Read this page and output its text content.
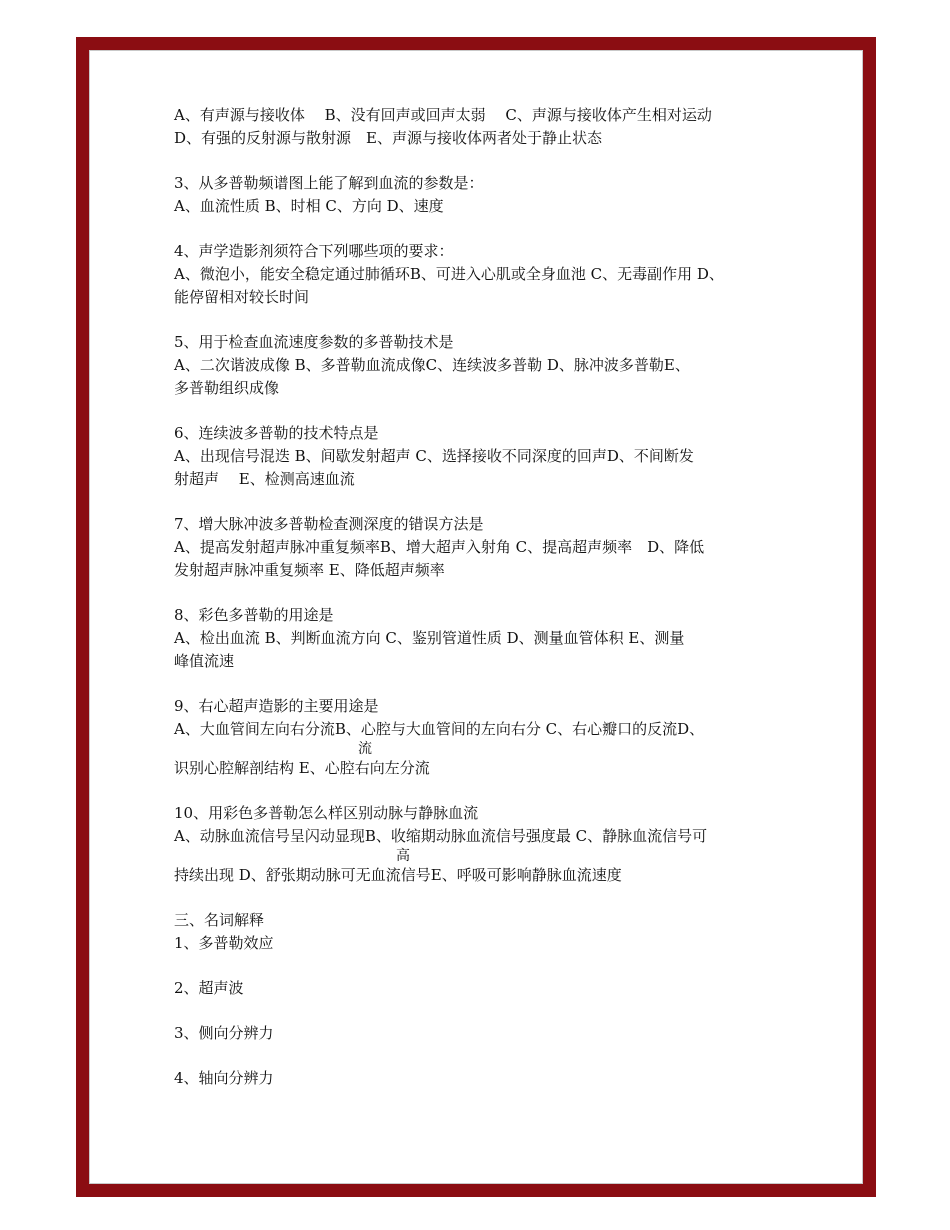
A、有声源与接收体　 B、没有回声或回声太弱　 C、声源与接收体产生相对运动
D、有强的反射源与散射源　E、声源与接收体两者处于静止状态
3、从多普勒频谱图上能了解到血流的参数是：
A、血流性质 B、时相 C、方向 D、速度
4、声学造影剂须符合下列哪些项的要求：
A、微泡小，能安全稳定通过肺循环B、可进入心肌或全身血池 C、无毒副作用 D、
能停留相对较长时间
5、用于检查血流速度参数的多普勒技术是
A、二次谐波成像 B、多普勒血流成像C、连续波多普勒 D、脉冲波多普勒E、
多普勒组织成像
6、连续波多普勒的技术特点是
A、出现信号混迭 B、间歇发射超声 C、选择接收不同深度的回声D、不间断发
射超声　 E、检测高速血流
7、增大脉冲波多普勒检查测深度的错误方法是
A、提高发射超声脉冲重复频率B、增大超声入射角 C、提高超声频率　D、降低
发射超声脉冲重复频率 E、降低超声频率
8、彩色多普勒的用途是
A、检出血流 B、判断血流方向 C、鉴别管道性质 D、测量血管体积 E、测量
峰值流速
9、右心超声造影的主要用途是
A、大血管间左向右分流B、心腔与大血管间的左向右分 C、右心瓣口的反流D、
流
识别心腔解剖结构 E、心腔右向左分流
10、用彩色多普勒怎么样区别动脉与静脉血流
A、动脉血流信号呈闪动显现B、收缩期动脉血流信号强度最 C、静脉血流信号可
高
持续出现 D、舒张期动脉可无血流信号E、呼吸可影响静脉血流速度
三、名词解释
1、多普勒效应
2、超声波
3、侧向分辨力
4、轴向分辨力
